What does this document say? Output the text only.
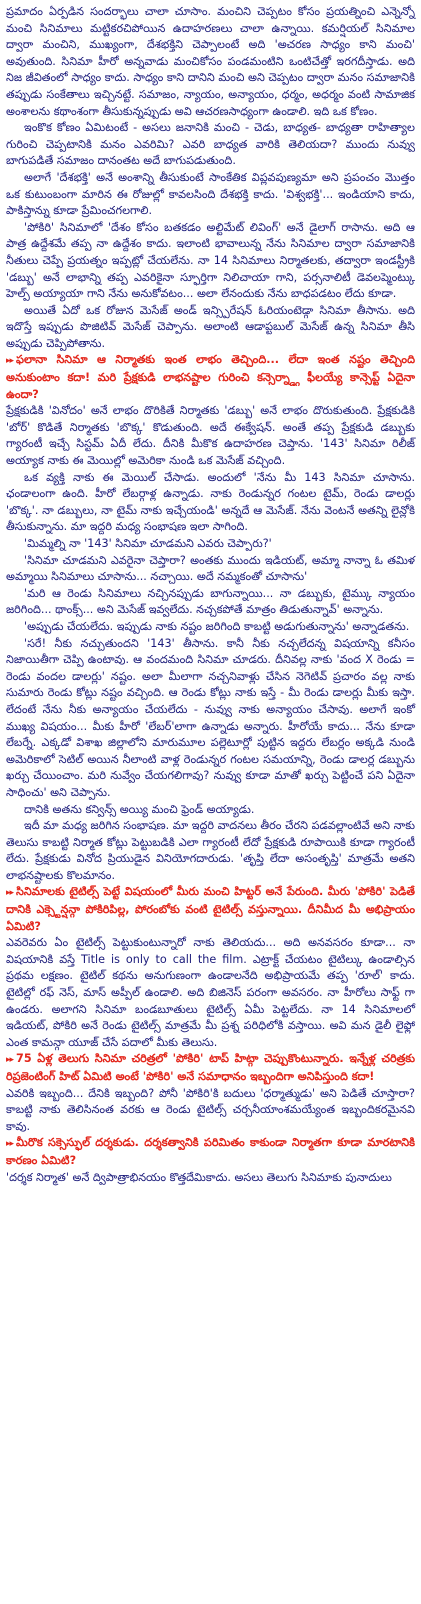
ప్రమాదం ఏర్పడిన సందర్భాలు చాలా చూసాం. మంచిని చెప్పటం కోసం ప్రయత్నించి ఎన్నెన్నో మంచి సినిమాలు మట్టికరచిపోయిన ఉదాహరణలు చాలా ఉన్నాయి. కమర్షియల్ సినిమాల ద్వారా మంచిని, ముఖ్యంగా, దేశభక్తిని చెప్పాలంటే అది 'అచరణ సాధ్యం కాని మంచి' అవుతుంది. సినిమా హీరో అన్నవాడు మంచికోసం పండమంటిని ఒంటిచేత్తో ఇరగదీస్తాడు. అది నిజ జీవితంలో సాధ్యం కాదు. సాధ్యం కాని దానిని మంచి అని చెప్పటం ద్వారా మనం సమాజానికి తప్పుడు సంకేతాలు ఇచ్చినట్టే. సమాజం, న్యాయం, అన్యాయం, ధర్మం, అధర్మం వంటి సామాజిక అంశాలను కథాంశంగా తీసుకున్నప్పుడు అవి ఆచరణసాధ్యంగా ఉండాలి. ఇది ఒక కోణం.

ఇంకొక కోణం ఏమిటంటే - అసలు జనానికి మంచి - చెడు, బాధ్యత- బాధ్యతా రాహిత్యాల గురించి చెప్పటానికి మనం ఎవరిమి? ఎవరి బాధ్యత వారికి తెలియదా? ముందు నువ్వు బాగుపడితే సమాజం దానంతట అదే బాగుపడుతుంది.

అలాగే 'దేశభక్తి' అనే అంశాన్ని తీసుకుంటే సాంకేతిక విప్లవపుణ్యమా అని ప్రపంచం మొత్తం ఒక కుటుంబంగా మారిన ఈ రోజుల్లో కావలసింది దేశభక్తి కాదు. 'విశ్వభక్తి'... ఇండియాని కాదు, పాకిస్తాన్ను కూడా ప్రేమించగలగాలి.

'పోకిరి' సినిమాలో 'దేశం కోసం బతకడం అల్టిమేట్ లివింగ్' అనే డైలాగ్ రాసాను. అది ఆ పాత్ర ఉద్దేశమే తప్ప నా ఉద్దేశం కాదు. ఇలాంటి భావాలున్న నేను సినిమాల ద్వారా సమాజానికి నీతులు చెప్పే ప్రయత్నం ఇప్పట్లో చేయలేను. నా 14 సినిమాలు నిర్మాతలకు, తద్వారా ఇండస్ట్రీకి 'డబ్బు' అనే లాభాన్ని తప్ప ఎవరికైనా స్ఫూర్తిగా నిలిచాయా గాని, పర్సనాలిటీ డెవలప్మెంట్కు హెల్ప్ అయ్యాయా గాని నేను అనుకోవటం... అలా లేనందుకు నేను బాధపడటం లేదు కూడా.

అయితే ఏదో ఒక రోజున మెసేజ్ అండ్ ఇన్స్పిరేషన్ ఓరియంటెడ్గా సినిమా తీసాను. అది ఇదొస్తే ఇప్పుడు పొజిటివ్ మెసేజ్ చెప్పాను. అలాంటి ఆడాప్టబుల్ మెసేజ్ ఉన్న సినిమా తీసి అప్పుడు చెప్పిపోతాను.

▸▸ ఫలానా సినిమా ఆ నిర్మాతకు ఇంత లాభం తెచ్చింది... లేదా ఇంత నష్టం తెచ్చింది అనుకుంటాం కదా! మరి ప్రేక్షకుడి లాభనష్టాల గురించి కన్సెర్న్డ్గా ఫీలయ్యే కాన్సెప్ట్ ఏదైనా ఉందా?

ప్రేక్షకుడికి 'వినోదం' అనే లాభం దొరికితే నిర్మాతకు 'డబ్బు' అనే లాభం దొరుకుతుంది. ప్రేక్షకుడికి 'బోర్' కొడితే నిర్మాతకు 'బొక్క' కొడుతుంది. అదే ఈక్వేషన్. అంతే తప్ప ప్రేక్షకుడి డబ్బుకు గ్యారంటీ ఇచ్చే సిస్టమ్ ఏదీ లేదు. దీనికి మీకొక ఉదాహరణ చెప్తాను. '143' సినిమా రిలీజ్ అయ్యాక నాకు ఈ మెయిల్లో అమెరికా నుండి ఒక మెసేజ్ వచ్చింది.

ఒక వ్యక్తి నాకు ఈ మెయిల్ చేసాడు. అందులో 'నేను మీ 143 సినిమా చూసాను. ఛండాలంగా ఉంది. హీరో లేబర్గాళ్ల ఉన్నాడు. నాకు రెండున్నర గంటల టైమ్, రెండు డాలర్లు 'బొక్క'. నా డబ్బులు, నా టైమ్ నాకు ఇచ్చేయండి' అన్నదే ఆ మెసేజ్. నేను వెంటనే అతన్ని లైన్లోకి తీసుకున్నాను. మా ఇద్దరి మధ్య సంభాషణ ఇలా సాగింది.

'మిమ్మల్ని నా '143' సినిమా చూడమని ఎవరు చెప్పారు?'

'సినిమా చూడమని ఎవరైనా చెప్తారా? అంతకు ముందు ఇడియట్, అమ్మా నాన్నా ఓ తమిళ అమ్మాయి సినిమాలు చూసాను... నచ్చాయి. అదే నమ్మకంతో చూసాను'

'మరి ఆ రెండు సినిమాలు నచ్చినప్పుడు బాగున్నాయి... నా డబ్బుకు, టైమ్కు న్యాయం జరిగింది... థాంక్స్... అని మెసేజ్ ఇవ్వలేదు. నచ్చకపోతే మాత్రం తిడుతున్నావ్' అన్నాను.

'అప్పుడు చేయలేదు. ఇప్పుడు నాకు నష్టం జరిగింది కాబట్టి అడుగుతున్నాను' అన్నాడతను.

'సరే! నీకు నచ్చుతుందని '143' తీసాను. కానీ నీకు నచ్చలేదన్న విషయాన్ని కనీసం నిజాయితీగా చెప్పి ఉంటావు. ఆ వందమంది సినిమా చూడరు. దీనివల్ల నాకు 'వంద X రెండు = రెండు వందల డాలర్లు' నష్టం. అలా మీలాగా నచ్చనివాళ్లు చేసిన నెగెటివ్ ప్రచారం వల్ల నాకు సుమారు రెండు కోట్లు నష్టం వచ్చింది. ఆ రెండు కోట్లు నాకు ఇస్తే - మీ రెండు డాలర్లు మీకు ఇస్తా. లేదంటే నేను నీకు అన్యాయం చేయలేదు - నువ్వు నాకు అన్యాయం చేసావు. అలాగే ఇంకో ముఖ్య విషయం... మీకు హీరో 'లేబర్'లాగా ఉన్నాడు అన్నారు. హీరోయే కాదు... నేను కూడా లేబర్నే. ఎక్కడో విశాఖ జిల్లాలోని మారుమూల పల్లెటూర్లో పుట్టిన ఇద్దరు లేబర్లం అక్కడి నుండి అమెరికాలో సెటిల్ అయిన నీలాంటి వాళ్ల రెండున్నర గంటల సమయాన్ని, రెండు డాలర్ల డబ్బును ఖర్చు చేయించాం. మరి నువ్వేం చేయగలిగావు? నువ్వు కూడా మాతో ఖర్చు పెట్టించే పని ఏదైనా సాధించు' అని చెప్పాను.

దానికి అతను కన్విన్స్ అయ్యి మంచి ఫ్రెండ్ అయ్యాడు.

ఇదీ మా మధ్య జరిగిన సంభాషణ. మా ఇద్దరి వాదనలు తీరం చేరని పడవల్లాంటివే అని నాకు తెలుసు కాబట్టి నిర్మాత కోట్లు పెట్టుబడికి ఎలా గ్యారంటీ లేదో ప్రేక్షకుడి రూపాయికి కూడా గ్యారంటీ లేదు. ప్రేక్షకుడు వినోద ప్రియుడైన వినియోగదారుడు. 'తృప్తి లేదా అసంతృప్తి' మాత్రమే అతని లాభనష్టాలకు కొలమానం.

▸▸ సినిమాలకు టైటిల్స్ పెట్టే విషయంలో మీరు మంచి హిట్టర్ అనే పేరుంది. మీరు 'పోకిరి' పెడితే దానికి ఎక్స్టెన్షన్గా పోకిరిపిల్ల, పోరంబోకు వంటి టైటిల్స్ వస్తున్నాయి. దీనిమీద మీ అభిప్రాయం ఏమిటి?

ఎవరెవరు ఏం టైటిల్స్ పెట్టుకుంటున్నారో నాకు తెలియదు... అది అనవసరం కూడా... నా విషయానికి వస్తే Title is only to call the film. ఎట్రాక్ట్ చేయటం టైటిల్కు ఉండాల్సిన ప్రథమ లక్షణం. టైటిల్ కథను అనుగుణంగా ఉండాలనేది అభిప్రాయమే తప్ప 'రూల్' కాదు. టైటిల్లో రఫ్ నెస్, మాస్ అప్పీల్ ఉండాలి. అది బిజినెస్ పరంగా అవసరం. నా హీరోలు సాఫ్ట్ గా ఉండరు. అలాగని సినిమా బండబూతులు టైటిల్స్ ఏమీ పెట్టలేదు. నా 14 సినిమాలలో ఇడియట్, పోకిరి అనే రెండు టైటిల్స్ మాత్రమే మీ ప్రశ్న పరిధిలోకి వస్తాయి. అవి మన డైలీ లైఫ్లో ఎంత కామన్గా యూజ్ చేసే పదాలో మీకు తెలుసు.

▸▸ 75 ఏళ్ల తెలుగు సినిమా చరిత్రలో 'పోకిరి' టాప్ హిట్గా చెప్పుకొంటున్నారు. ఇన్నేళ్ల చరిత్రకు రిప్రజెంటింగ్ హిట్ ఏమిటి అంటే 'పోకిరి' అనే సమాధానం ఇబ్బందిగా అనిపిస్తుంది కదా!

ఎవరికి ఇబ్బంది... దేనికి ఇబ్బంది? పోనీ 'పోకిరి'కి బదులు 'ధర్మాత్ముడు' అని పెడితే చూస్తారా? కాబట్టి నాకు తెలిసినంత వరకు ఆ రెండు టైటిల్స్ చర్చనీయాంశమయ్యేంత ఇబ్బందికరమైనవి కావు.

▸▸ మీరొక సక్సెస్ఫుల్ దర్శకుడు. దర్శకత్వానికి పరిమితం కాకుండా నిర్మాతగా కూడా మారటానికి కారణం ఏమిటి?

'దర్శక నిర్మాత' అనే ద్విపాత్రాభినయం కొత్తదేమికాదు. అసలు తెలుగు సినిమాకు పునాదులు
